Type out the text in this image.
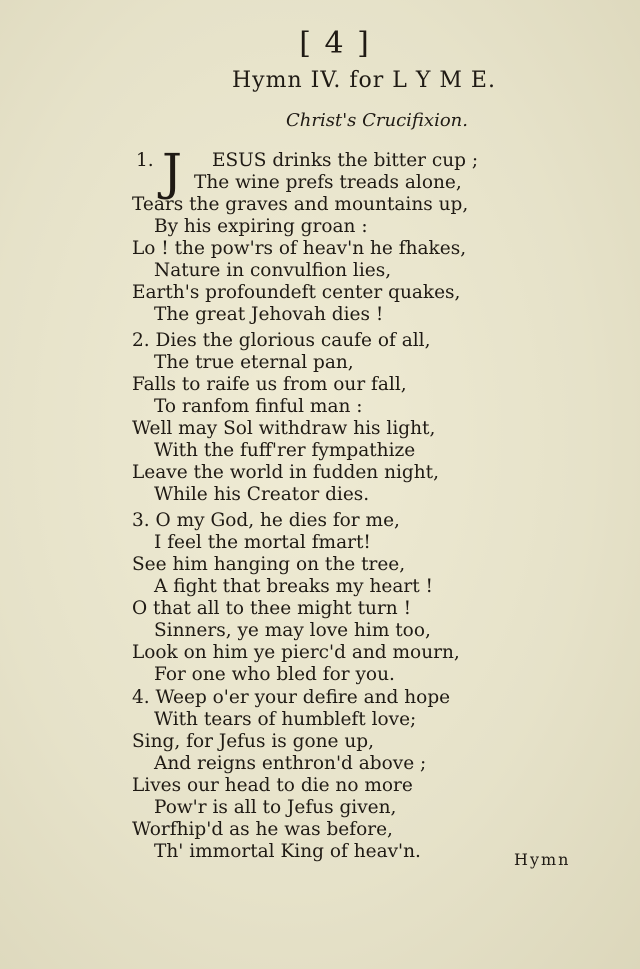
[ 4 ]
Hymn IV. for L Y M E.
Christ's Crucifixion.
1. J	ESUS drinks the bitter cup ;
The wine prefs treads alone,
Tears the graves and mountains up,
By his expiring groan :
Lo ! the pow'rs of heav'n he fhakes,
Nature in convulfion lies,
Earth's profoundeft center quakes,
The great Jehovah dies !
2. Dies the glorious caufe of all,
The true eternal pan,
Falls to raife us from our fall,
To ranfom finful man :
Well may Sol withdraw his light,
With the fuff'rer fympathize
Leave the world in fudden night,
While his Creator dies.
3. O my God, he dies for me,
I feel the mortal fmart!
See him hanging on the tree,
A fight that breaks my heart !
O that all to thee might turn !
Sinners, ye may love him too,
Look on him ye pierc'd and mourn,
For one who bled for you.
4. Weep o'er your defire and hope
With tears of humbleft love;
Sing, for Jefus is gone up,
And reigns enthron'd above ;
Lives our head to die no more
Pow'r is all to Jefus given,
Worfhip'd as he was before,
Th' immortal King of heav'n.	Hymn
